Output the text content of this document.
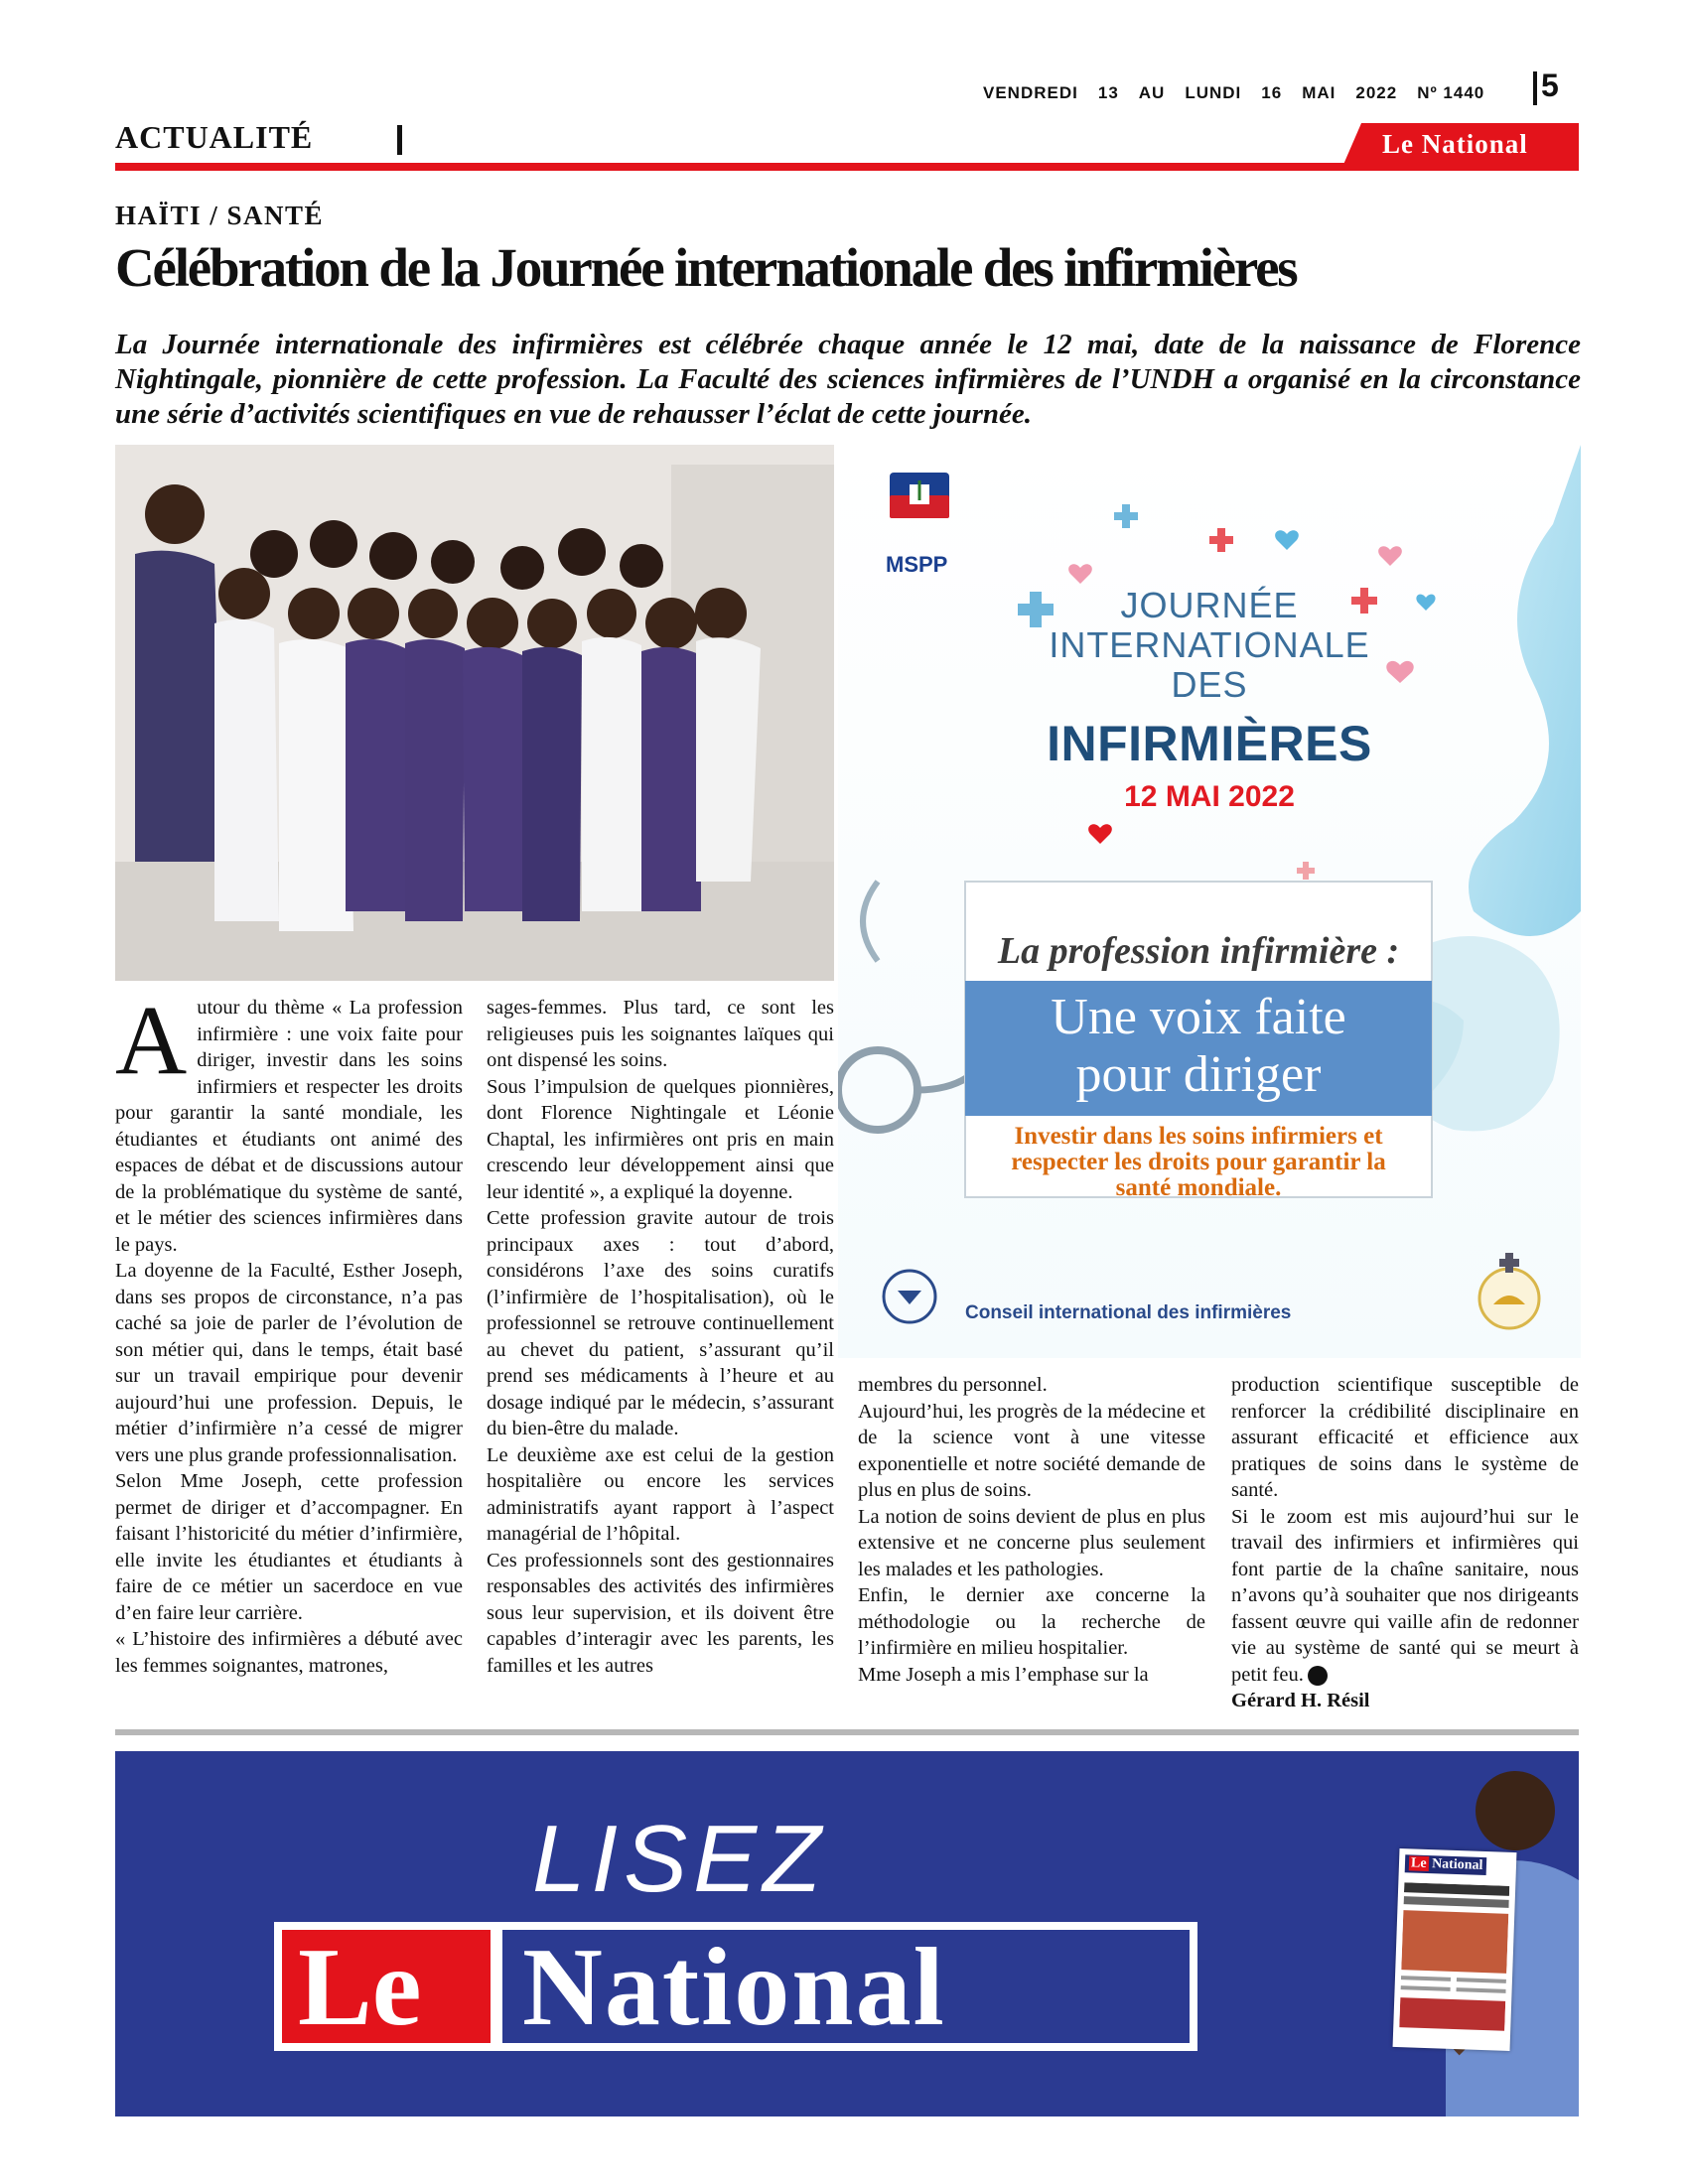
VENDREDI 13 AU LUNDI 16 MAI 2022 Nº 1440	5
ACTUALITÉ	Le National
HAÏTI / SANTÉ
Célébration de la Journée internationale des infirmières
La Journée internationale des infirmières est célébrée chaque année le 12 mai, date de la naissance de Florence Nightingale, pionnière de cette profession. La Faculté des sciences infirmières de l’UNDH a organisé en la circonstance une série d’activités scientifiques en vue de rehausser l’éclat de cette journée.
MSPP
JOURNÉE
INTERNATIONALE
DES
INFIRMIÈRES
12 MAI 2022
La profession infirmière :
Une voix faite
pour diriger
Investir dans les soins infirmiers et
respecter les droits pour garantir la
santé mondiale.
Conseil international des infirmières
A utour du thème « La profession infirmière : une voix faite pour diriger, investir dans les soins infirmiers et respecter les droits pour garantir la santé mondiale, les étudiantes et étudiants ont animé des espaces de débat et de discussions autour de la problématique du système de santé, et le métier des sciences infirmières dans le pays.

La doyenne de la Faculté, Esther Joseph, dans ses propos de circonstance, n’a pas caché sa joie de parler de l’évolution de son métier qui, dans le temps, était basé sur un travail empirique pour devenir aujourd’hui une profession. Depuis, le métier d’infirmière n’a cessé de migrer vers une plus grande professionnalisation.

Selon Mme Joseph, cette profession permet de diriger et d’accompagner. En faisant l’historicité du métier d’infirmière, elle invite les étudiantes et étudiants à faire de ce métier un sacerdoce en vue d’en faire leur carrière.

« L’histoire des infirmières a débuté avec les femmes soignantes, matrones,

sages-femmes. Plus tard, ce sont les religieuses puis les soignantes laïques qui ont dispensé les soins.

Sous l’impulsion de quelques pionnières, dont Florence Nightingale et Léonie Chaptal, les infirmières ont pris en main crescendo leur développement ainsi que leur identité », a expliqué la doyenne.

Cette profession gravite autour de trois principaux axes : tout d’abord, considérons l’axe des soins curatifs (l’infirmière de l’hospitalisation), où le professionnel se retrouve continuellement au chevet du patient, s’assurant qu’il prend ses médicaments à l’heure et au dosage indiqué par le médecin, s’assurant du bien-être du malade.

Le deuxième axe est celui de la gestion hospitalière ou encore les services administratifs ayant rapport à l’aspect managérial de l’hôpital.

Ces professionnels sont des gestionnaires responsables des activités des infirmières sous leur supervision, et ils doivent être capables d’interagir avec les parents, les familles et les autres

membres du personnel.

Aujourd’hui, les progrès de la médecine et de la science vont à une vitesse exponentielle et notre société demande de plus en plus de soins.

La notion de soins devient de plus en plus extensive et ne concerne plus seulement les malades et les pathologies.

Enfin, le dernier axe concerne la méthodologie ou la recherche de l’infirmière en milieu hospitalier.

Mme Joseph a mis l’emphase sur la

production scientifique susceptible de renforcer la crédibilité disciplinaire en assurant efficacité et efficience aux pratiques de soins dans le système de santé.

Si le zoom est mis aujourd’hui sur le travail des infirmiers et infirmières qui font partie de la chaîne sanitaire, nous n’avons qu’à souhaiter que nos dirigeants fassent œuvre qui vaille afin de redonner vie au système de santé qui se meurt à petit feu.

Gérard H. Résil

LISEZ
Le National
Le National
